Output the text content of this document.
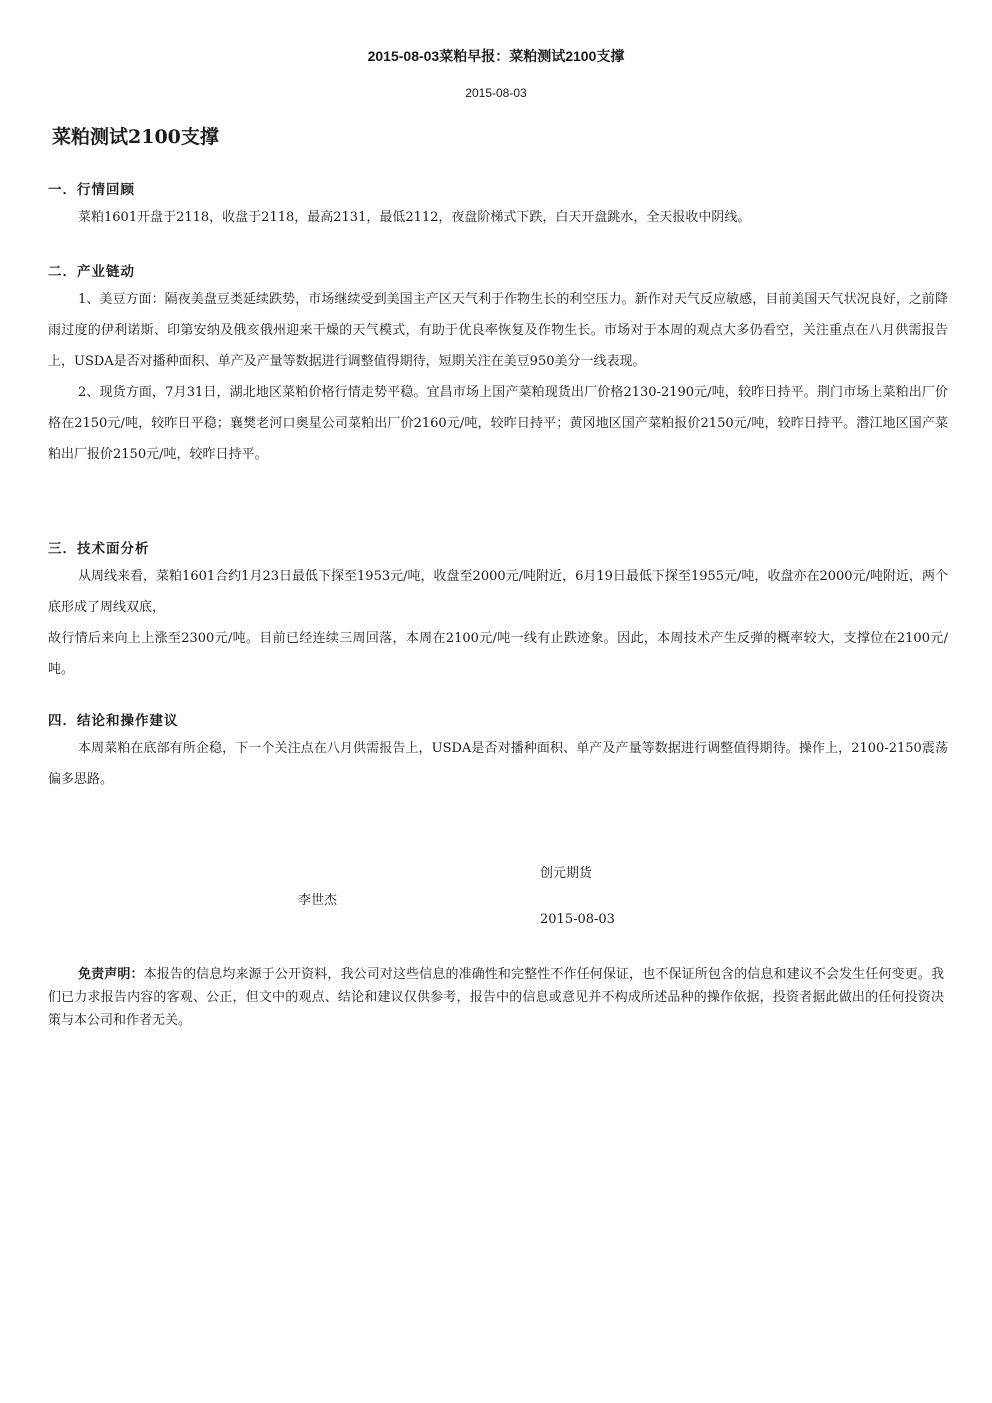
2015-08-03菜粕早报：菜粕测试2100支撑
2015-08-03
菜粕测试2100支撑
一．行情回顾

菜粕1601开盘于2118，收盘于2118，最高2131，最低2112，夜盘阶梯式下跌，白天开盘跳水，全天报收中阴线。

二．产业链动

1、美豆方面：隔夜美盘豆类延续跌势，市场继续受到美国主产区天气利于作物生长的利空压力。新作对天气反应敏感，目前美国天气状况良好，之前降雨过度的伊利诺斯、印第安纳及俄亥俄州迎来干燥的天气模式，有助于优良率恢复及作物生长。市场对于本周的观点大多仍看空，关注重点在八月供需报告上，USDA是否对播种面积、单产及产量等数据进行调整值得期待，短期关注在美豆950美分一线表现。

2、现货方面，7月31日，湖北地区菜粕价格行情走势平稳。宜昌市场上国产菜粕现货出厂价格2130-2190元/吨，较昨日持平。荆门市场上菜粕出厂价格在2150元/吨，较昨日平稳；襄樊老河口奥星公司菜粕出厂价2160元/吨，较昨日持平；黄冈地区国产菜粕报价2150元/吨，较昨日持平。潜江地区国产菜粕出厂报价2150元/吨，较昨日持平。

三．技术面分析

从周线来看，菜粕1601合约1月23日最低下探至1953元/吨，收盘至2000元/吨附近，6月19日最低下探至1955元/吨，收盘亦在2000元/吨附近，两个底形成了周线双底，

故行情后来向上上涨至2300元/吨。目前已经连续三周回落，本周在2100元/吨一线有止跌迹象。因此，本周技术产生反弹的概率较大，支撑位在2100元/吨。

四．结论和操作建议

本周菜粕在底部有所企稳，下一个关注点在八月供需报告上，USDA是否对播种面积、单产及产量等数据进行调整值得期待。操作上，2100-2150震荡偏多思路。

创元期货
李世杰
2015-08-03

免责声明：本报告的信息均来源于公开资料，我公司对这些信息的准确性和完整性不作任何保证，也不保证所包含的信息和建议不会发生任何变更。我们已力求报告内容的客观、公正，但文中的观点、结论和建议仅供参考，报告中的信息或意见并不构成所述品种的操作依据，投资者据此做出的任何投资决策与本公司和作者无关。
